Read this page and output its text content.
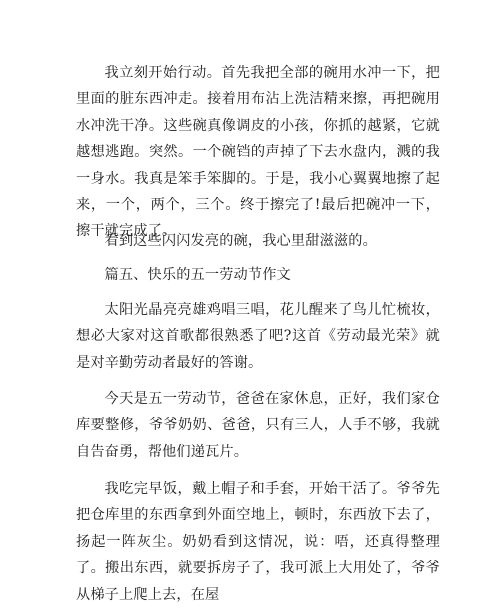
我立刻开始行动。首先我把全部的碗用水冲一下，把里面的脏东西冲走。接着用布沾上洗洁精来擦，再把碗用水冲洗干净。这些碗真像调皮的小孩，你抓的越紧，它就越想逃跑。突然。一个碗铛的声掉了下去水盘内，溅的我一身水。我真是笨手笨脚的。于是，我小心翼翼地擦了起来，一个，两个，三个。终于擦完了!最后把碗冲一下，擦干就完成了。

看到这些闪闪发亮的碗，我心里甜滋滋的。

篇五、快乐的五一劳动节作文

太阳光晶亮亮雄鸡唱三唱，花儿醒来了鸟儿忙梳妆，想必大家对这首歌都很熟悉了吧?这首《劳动最光荣》就是对辛勤劳动者最好的答谢。

今天是五一劳动节，爸爸在家休息，正好，我们家仓库要整修，爷爷奶奶、爸爸，只有三人，人手不够，我就自告奋勇，帮他们递瓦片。

我吃完早饭，戴上帽子和手套，开始干活了。爷爷先把仓库里的东西拿到外面空地上，顿时，东西放下去了，扬起一阵灰尘。奶奶看到这情况，说：唔，还真得整理了。搬出东西，就要拆房子了，我可派上大用处了，爷爷从梯子上爬上去，在屋
